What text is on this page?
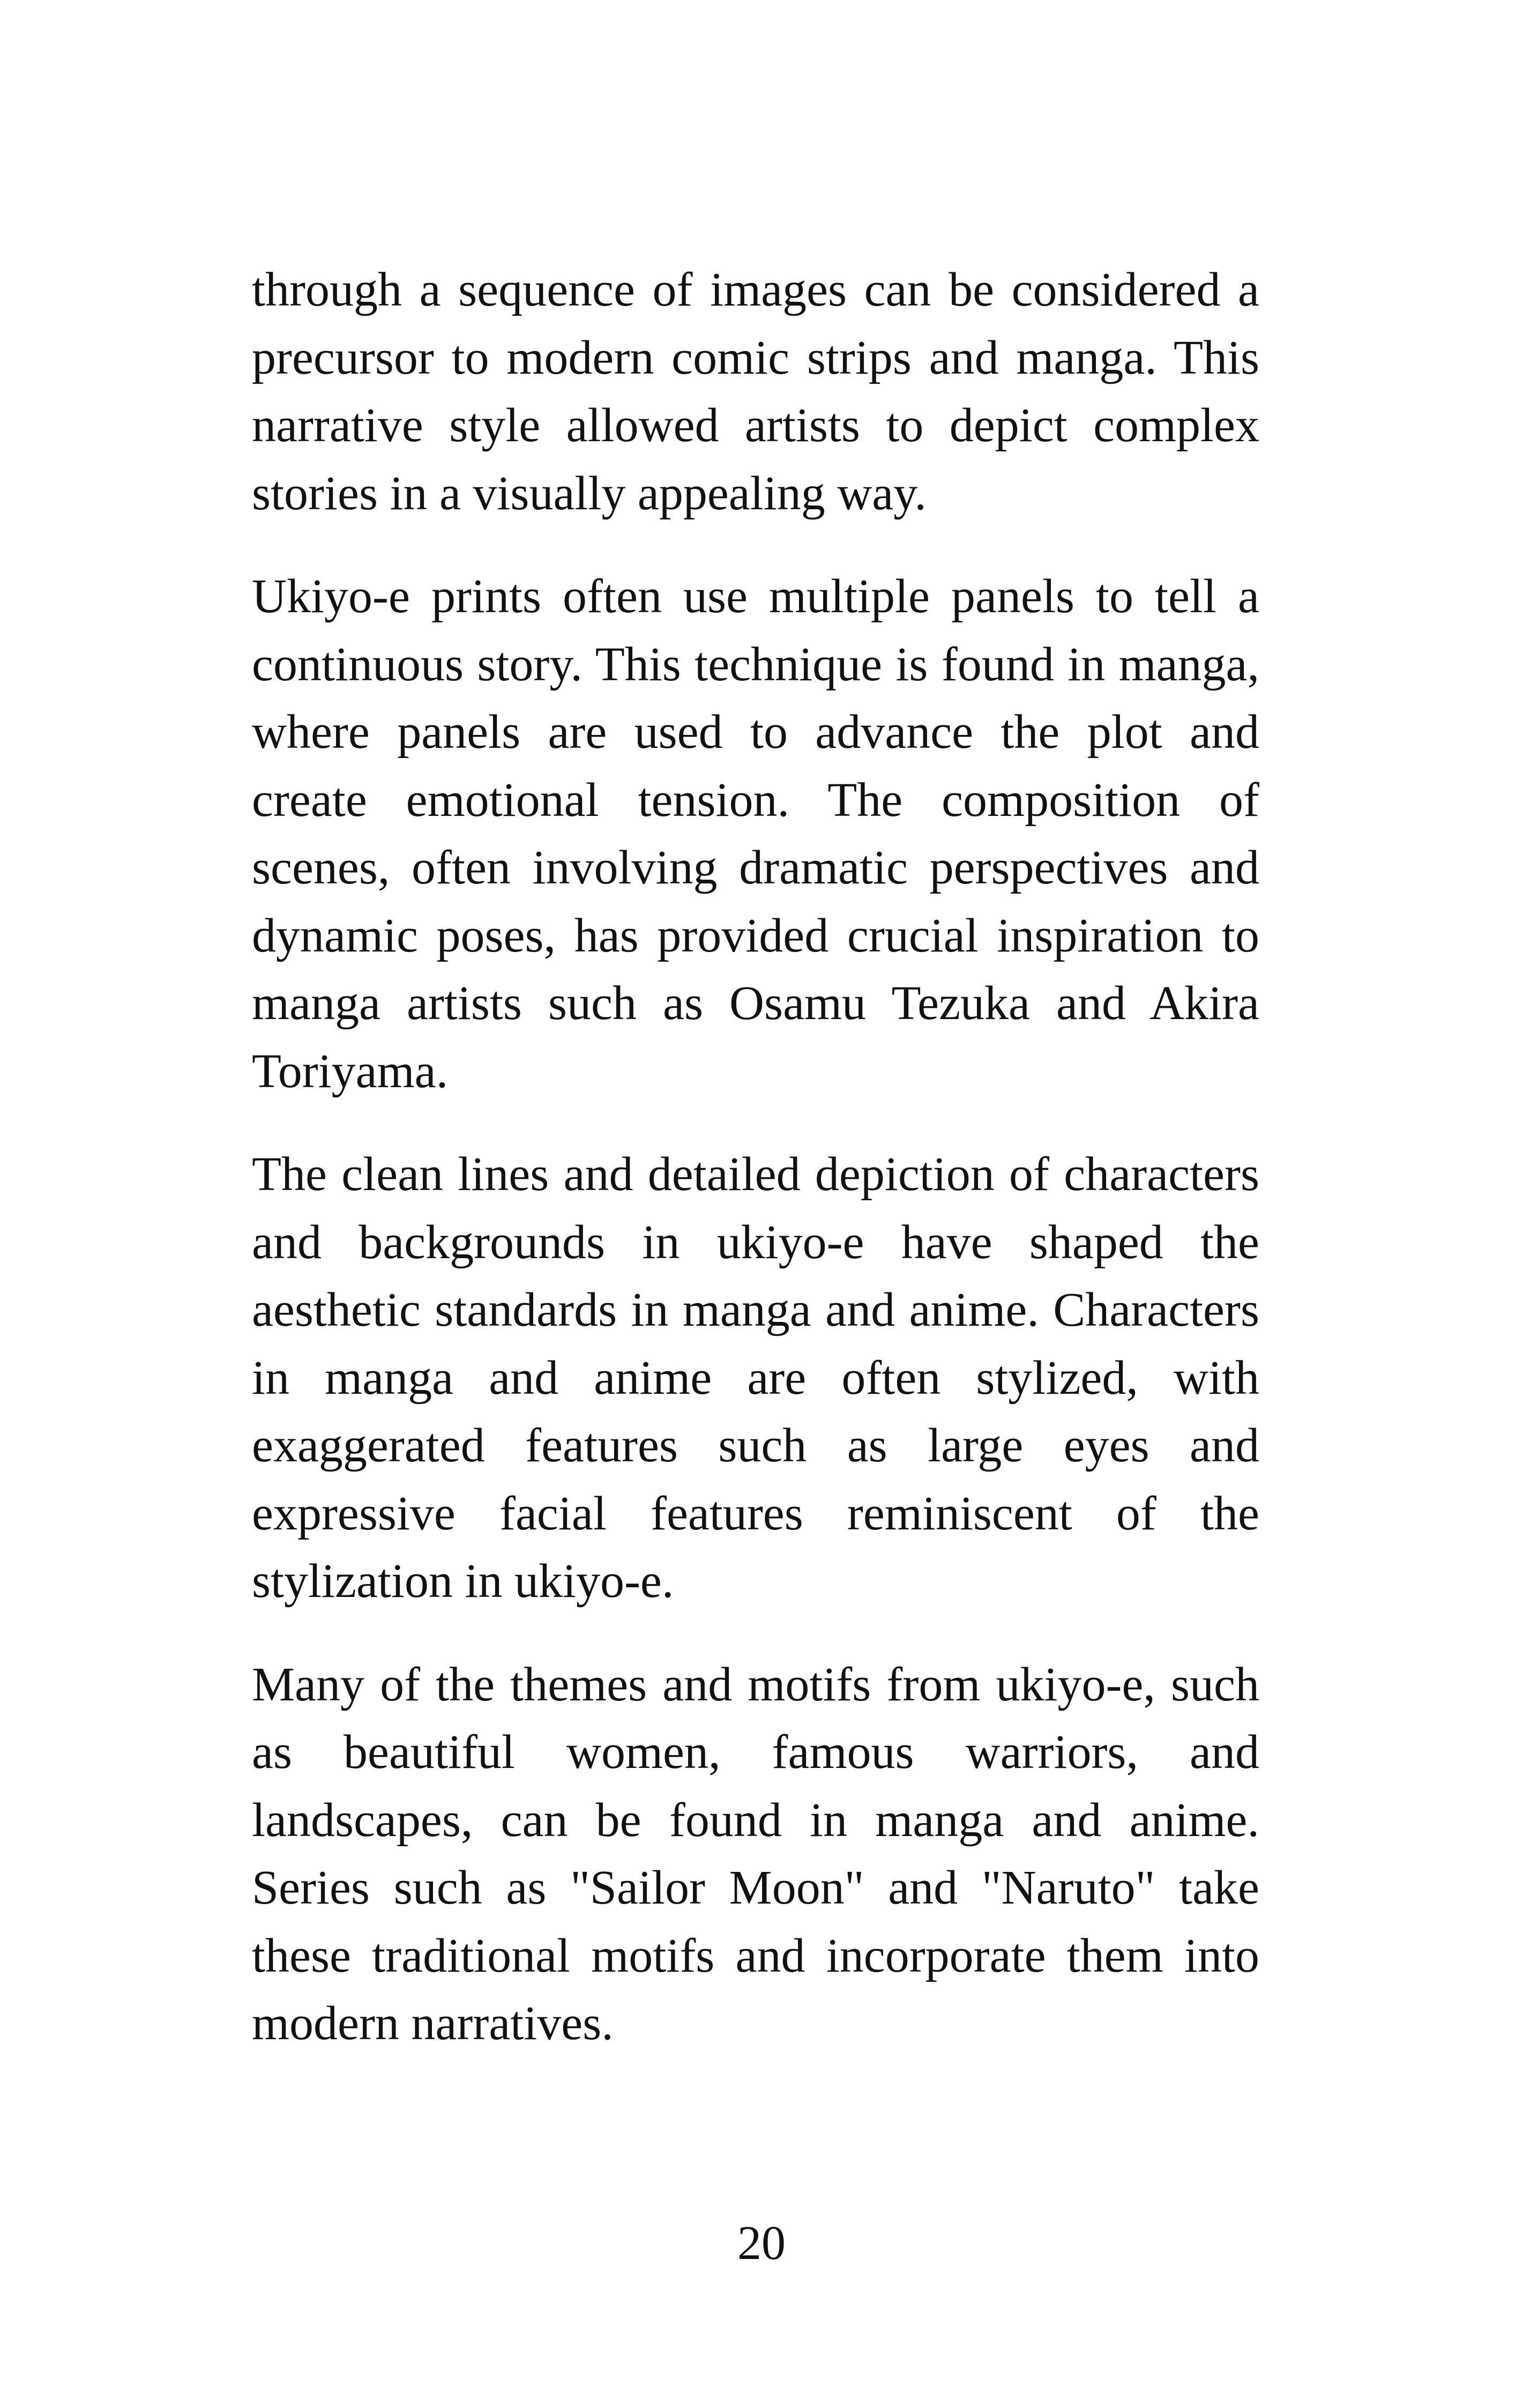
through a sequence of images can be considered a precursor to modern comic strips and manga. This narrative style allowed artists to depict complex stories in a visually appealing way.

Ukiyo-e prints often use multiple panels to tell a continuous story. This technique is found in manga, where panels are used to advance the plot and create emotional tension. The composition of scenes, often involving dramatic perspectives and dynamic poses, has provided crucial inspiration to manga artists such as Osamu Tezuka and Akira Toriyama.

The clean lines and detailed depiction of characters and backgrounds in ukiyo-e have shaped the aesthetic standards in manga and anime. Characters in manga and anime are often stylized, with exaggerated features such as large eyes and expressive facial features reminiscent of the stylization in ukiyo-e.

Many of the themes and motifs from ukiyo-e, such as beautiful women, famous warriors, and landscapes, can be found in manga and anime. Series such as "Sailor Moon" and "Naruto" take these traditional motifs and incorporate them into modern narratives.

20
